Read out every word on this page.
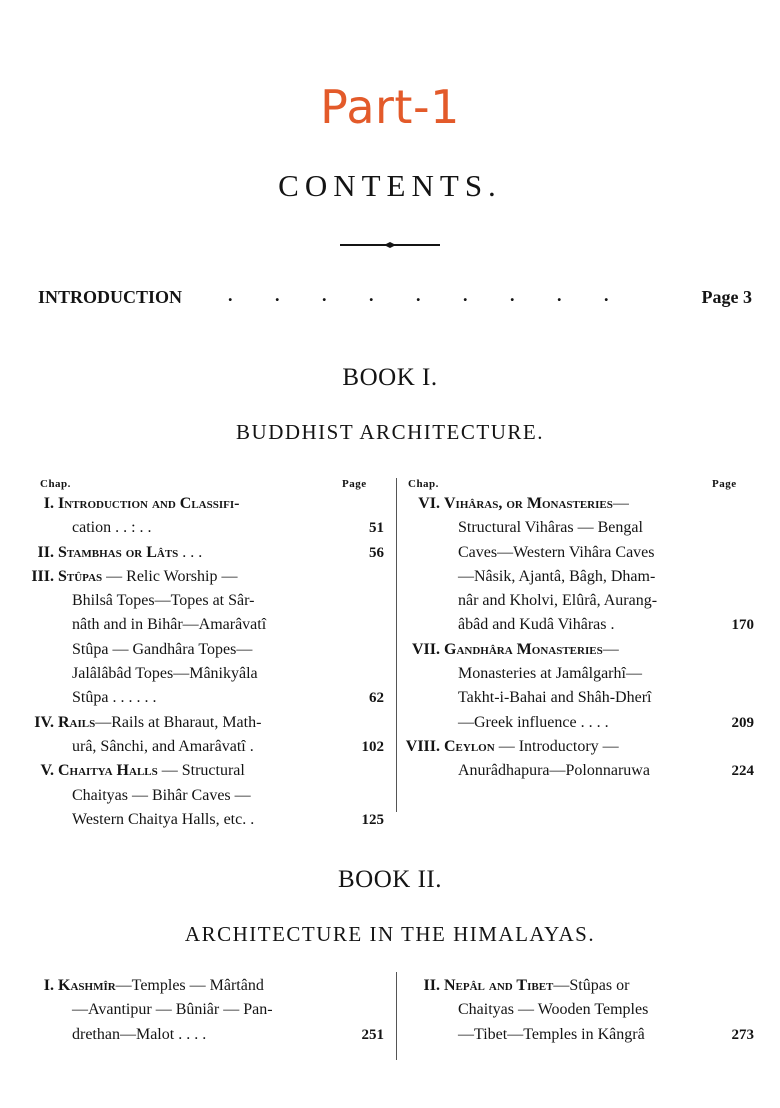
Part-1
CONTENTS.
INTRODUCTION	. . . . . . . . .	Page 3
BOOK I.
BUDDHIST ARCHITECTURE.
Chap.	Page	Chap.	Page
I. Introduction and Classifi-
cation . . : . .	51
II. Stambhas or Lâts . . .	56
III. Stûpas — Relic Worship —
Bhilsâ Topes—Topes at Sâr-
nâth and in Bihâr—Amarâvatî
Stûpa — Gandhâra Topes—
Jalâlâbâd Topes—Mânikyâla
Stûpa . . . . . .	62
IV. Rails—Rails at Bharaut, Math-
urâ, Sânchi, and Amarâvatî .	102
V. Chaitya Halls — Structural
Chaityas — Bihâr Caves —
Western Chaitya Halls, etc. .	125
VI. Vihâras, or Monasteries—
Structural Vihâras — Bengal
Caves—Western Vihâra Caves
—Nâsik, Ajantâ, Bâgh, Dham-
nâr and Kholvi, Elûrâ, Aurang-
âbâd and Kudâ Vihâras .	170
VII. Gandhâra Monasteries—
Monasteries at Jamâlgarhî—
Takht-i-Bahai and Shâh-Dherî
—Greek influence . . . .	209
VIII. Ceylon — Introductory —
Anurâdhapura—Polonnaruwa	224
BOOK II.
ARCHITECTURE IN THE HIMALAYAS.
I. Kashmîr—Temples — Mârtând
—Avantipur — Bûniâr — Pan-
drethan—Malot . . . .	251
II. Nepâl and Tibet—Stûpas or
Chaityas — Wooden Temples
—Tibet—Temples in Kângrâ	273
